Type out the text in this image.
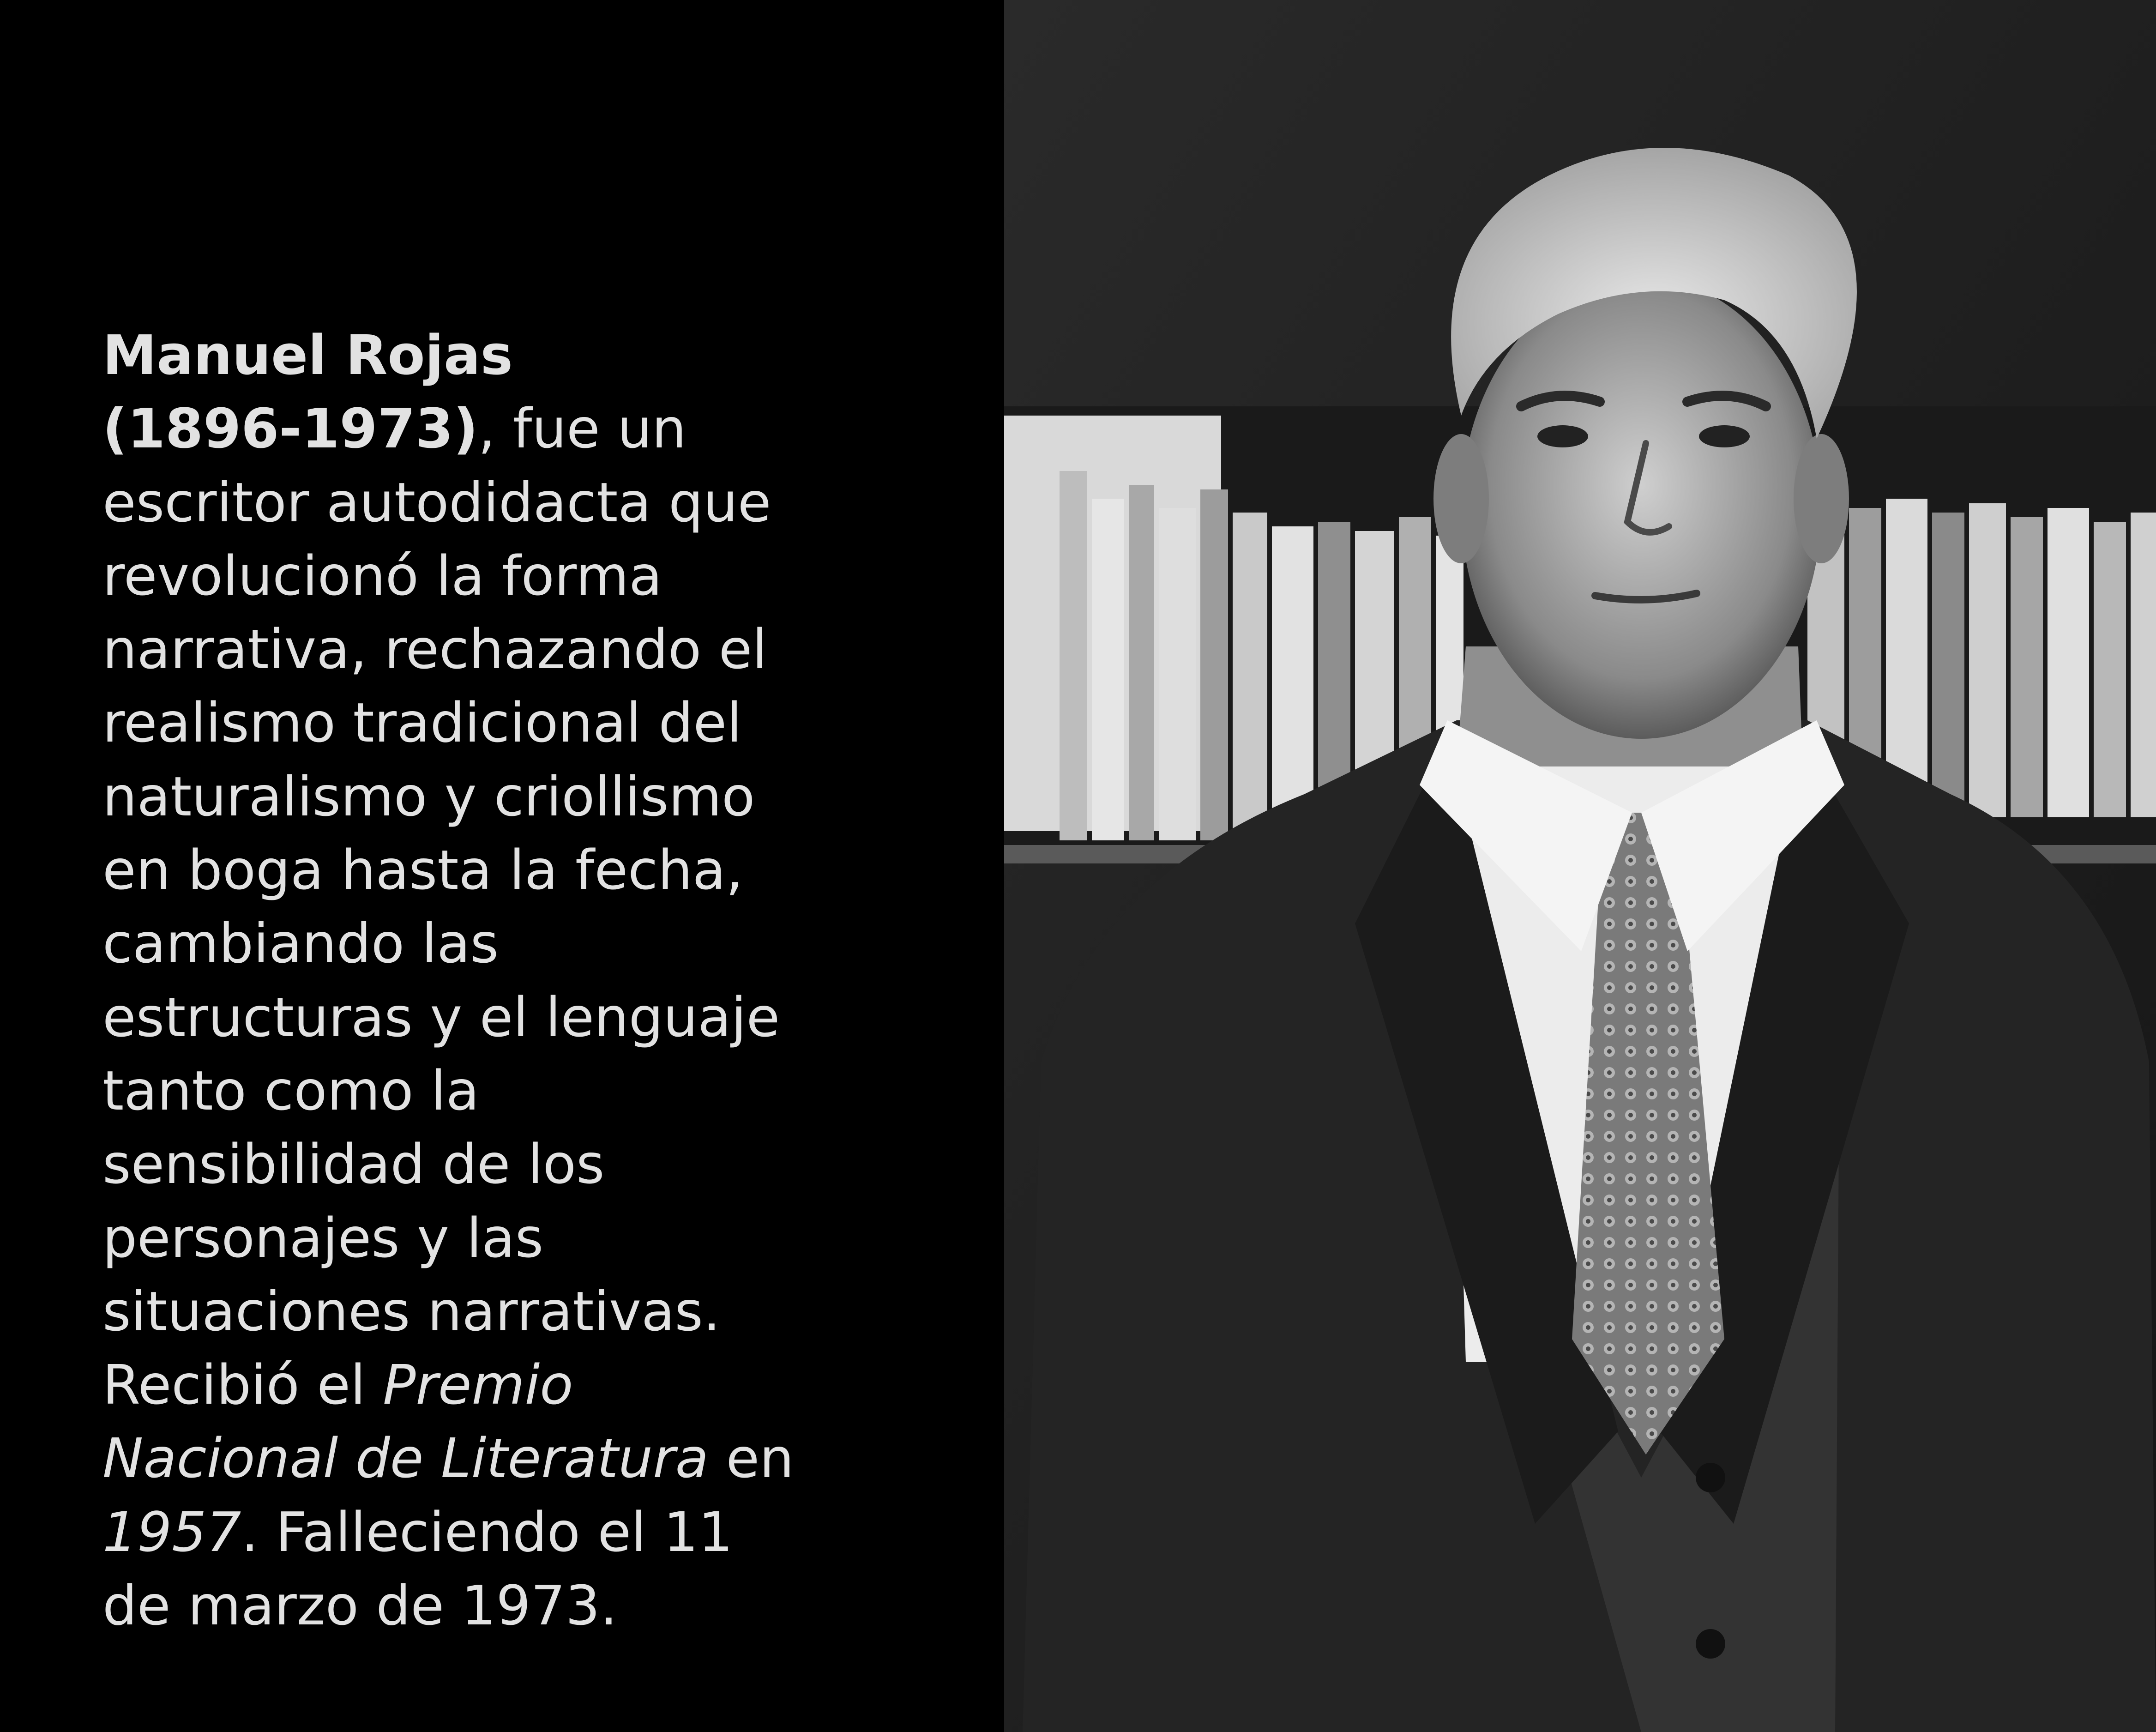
Manuel Rojas
(1896-1973), fue un
escritor autodidacta que
revolucionó la forma
narrativa, rechazando el
realismo tradicional del
naturalismo y criollismo
en boga hasta la fecha,
cambiando las
estructuras y el lenguaje
tanto como la
sensibilidad de los
personajes y las
situaciones narrativas.
Recibió el Premio
Nacional de Literatura en
1957. Falleciendo el 11
de marzo de 1973.
